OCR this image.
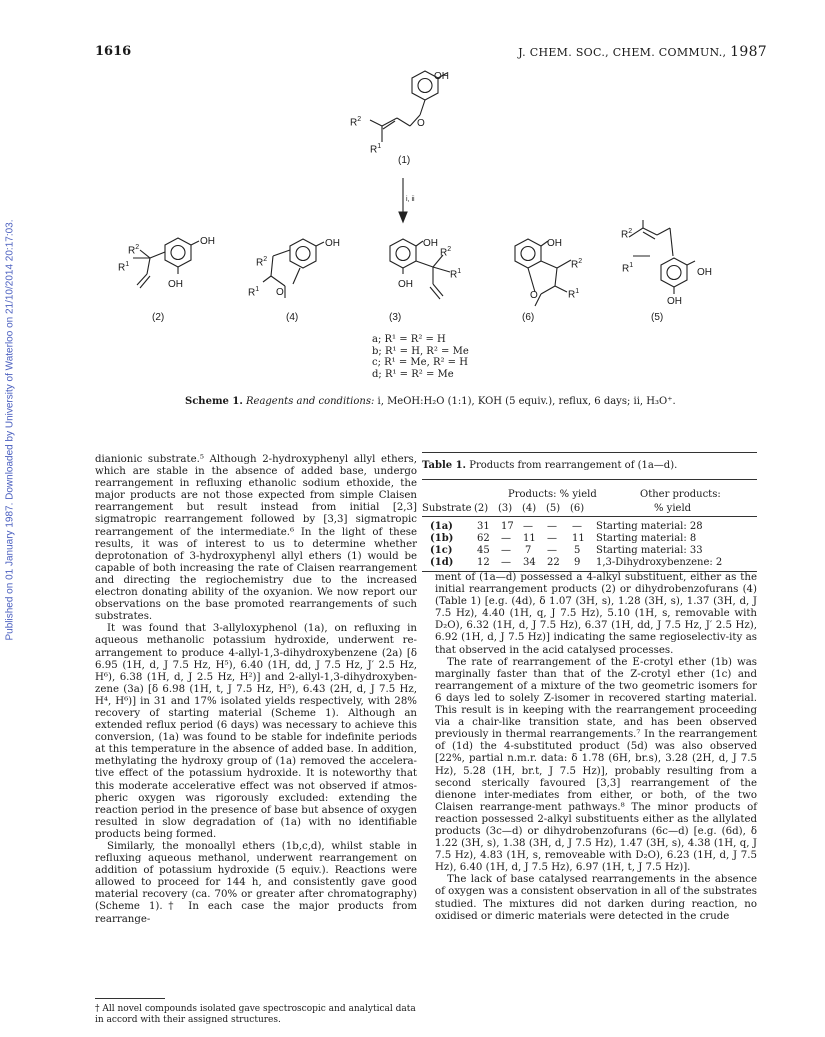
1616	J. CHEM. SOC., CHEM. COMMUN., 1987
Published on 01 January 1987. Downloaded by University of Waterloo on 21/10/2014 20:17:03.
OH
O
$R^2$
$R^1$
(1)
i, ii
OH
OH
$R^2$
$R^1$
(2)
OH
$R^2$
$R^1$ O
(4)
OH
OH
$R^2$
$R^1$
(3)
OH
$R^2$
$R^1$
O
(6)
$R^2$
$R^1$
OH
OH
(5)
a; R¹ = R² = H
b; R¹ = H, R² = Me
c; R¹ = Me, R² = H
d; R¹ = R² = Me
Scheme 1. Reagents and conditions: i, MeOH:H₂O (1:1), KOH (5 equiv.), reflux, 6 days; ii, H₃O⁺.
Table 1. Products from rearrangement of (1a—d).
Products: % yield	Other products:
Substrate (2) (3) (4) (5) (6)	% yield
(1a) 31 17 — — — Starting material: 28
(1b) 62 — 11 — 11 Starting material: 8
(1c) 45 — 7 — 5 Starting material: 33
(1d) 12 — 34 22 9 1,3-Dihydroxybenzene: 2

dianionic substrate.⁵ Although 2-hydroxyphenyl allyl ethers, which are stable in the absence of added base, undergo rearrangement in refluxing ethanolic sodium ethoxide, the major products are not those expected from simple Claisen rearrangement but result instead from initial [2,3] sigmatropic rearrangement followed by [3,3] sigmatropic rearrangement of the intermediate.⁶ In the light of these results, it was of interest to us to determine whether deprotonation of 3-hydroxyphenyl allyl ethers (1) would be capable of both increasing the rate of Claisen rearrangement and directing the regiochemistry due to the increased electron donating ability of the oxyanion. We now report our observations on the base promoted rearrangements of such substrates.

It was found that 3-allyloxyphenol (1a), on refluxing in aqueous methanolic potassium hydroxide, underwent re-arrangement to produce 4-allyl-1,3-dihydroxybenzene (2a) [δ 6.95 (1H, d, J 7.5 Hz, H⁵), 6.40 (1H, dd, J 7.5 Hz, J′ 2.5 Hz, H⁶), 6.38 (1H, d, J 2.5 Hz, H²)] and 2-allyl-1,3-dihydroxyben-zene (3a) [δ 6.98 (1H, t, J 7.5 Hz, H⁵), 6.43 (2H, d, J 7.5 Hz, H⁴, H⁶)] in 31 and 17% isolated yields respectively, with 28% recovery of starting material (Scheme 1). Although an extended reflux period (6 days) was necessary to achieve this conversion, (1a) was found to be stable for indefinite periods at this temperature in the absence of added base. In addition, methylating the hydroxy group of (1a) removed the accelera-tive effect of the potassium hydroxide. It is noteworthy that this moderate accelerative effect was not observed if atmos-pheric oxygen was rigorously excluded: extending the reaction period in the presence of base but absence of oxygen resulted in slow degradation of (1a) with no identifiable products being formed.

Similarly, the monoallyl ethers (1b,c,d), whilst stable in refluxing aqueous methanol, underwent rearrangement on addition of potassium hydroxide (5 equiv.). Reactions were allowed to proceed for 144 h, and consistently gave good material recovery (ca. 70% or greater after chromatography) (Scheme 1).† In each case the major products from rearrange-

ment of (1a—d) possessed a 4-alkyl substituent, either as the initial rearrangement products (2) or dihydrobenzofurans (4) (Table 1) [e.g. (4d), δ 1.07 (3H, s), 1.28 (3H, s), 1.37 (3H, d, J 7.5 Hz), 4.40 (1H, q, J 7.5 Hz), 5.10 (1H, s, removable with D₂O), 6.32 (1H, d, J 7.5 Hz), 6.37 (1H, dd, J 7.5 Hz, J′ 2.5 Hz), 6.92 (1H, d, J 7.5 Hz)] indicating the same regioselectiv-ity as that observed in the acid catalysed processes.

The rate of rearrangement of the E-crotyl ether (1b) was marginally faster than that of the Z-crotyl ether (1c) and rearrangement of a mixture of the two geometric isomers for 6 days led to solely Z-isomer in recovered starting material. This result is in keeping with the rearrangement proceeding via a chair-like transition state, and has been observed previously in thermal rearrangements.⁷ In the rearrangement of (1d) the 4-substituted product (5d) was also observed [22%, partial n.m.r. data: δ 1.78 (6H, br.s), 3.28 (2H, d, J 7.5 Hz), 5.28 (1H, br.t, J 7.5 Hz)], probably resulting from a second sterically favoured [3,3] rearrangement of the dienone inter-mediates from either, or both, of the two Claisen rearrange-ment pathways.⁸ The minor products of reaction possessed 2-alkyl substituents either as the allylated products (3c—d) or dihydrobenzofurans (6c—d) [e.g. (6d), δ 1.22 (3H, s), 1.38 (3H, d, J 7.5 Hz), 1.47 (3H, s), 4.38 (1H, q, J 7.5 Hz), 4.83 (1H, s, removeable with D₂O), 6.23 (1H, d, J 7.5 Hz), 6.40 (1H, d, J 7.5 Hz), 6.97 (1H, t, J 7.5 Hz)].

The lack of base catalysed rearrangements in the absence of oxygen was a consistent observation in all of the substrates studied. The mixtures did not darken during reaction, no oxidised or dimeric materials were detected in the crude

† All novel compounds isolated gave spectroscopic and analytical data in accord with their assigned structures.
